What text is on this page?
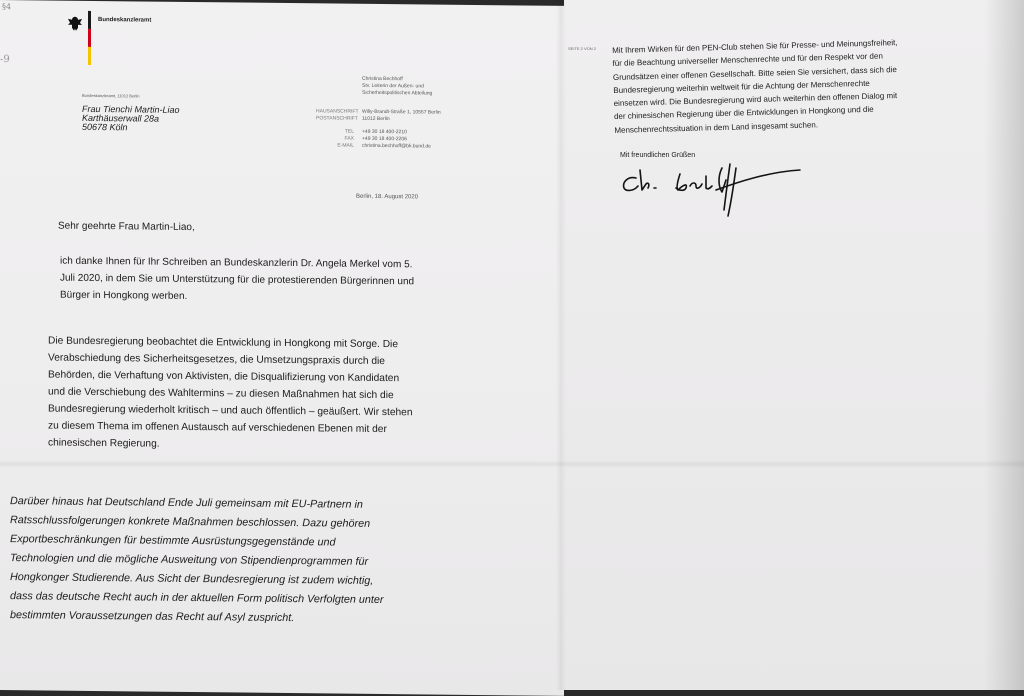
§4
-9
Bundeskanzleramt
Bundeskanzleramt, 11012 Berlin
Frau Tienchi Martin-Liao
Karthäuserwall 28a
50678 Köln
Christina Bechhoff
Stv. Leiterin der Außen- und
Sicherheitspolitischen Abteilung
HAUSANSCHRIFT Willy-Brandt-Straße 1, 10557 Berlin
POSTANSCHRIFT 11012 Berlin
TEL +49 30 18 400-2210
FAX +49 30 18 400-2206
E-MAIL christina.bechhoff@bk.bund.de
Berlin, 18. August 2020
Sehr geehrte Frau Martin-Liao,
ich danke Ihnen für Ihr Schreiben an Bundeskanzlerin Dr. Angela Merkel vom 5.
Juli 2020, in dem Sie um Unterstützung für die protestierenden Bürgerinnen und
Bürger in Hongkong werben.
Die Bundesregierung beobachtet die Entwicklung in Hongkong mit Sorge. Die
Verabschiedung des Sicherheitsgesetzes, die Umsetzungspraxis durch die
Behörden, die Verhaftung von Aktivisten, die Disqualifizierung von Kandidaten
und die Verschiebung des Wahltermins – zu diesen Maßnahmen hat sich die
Bundesregierung wiederholt kritisch – und auch öffentlich – geäußert. Wir stehen
zu diesem Thema im offenen Austausch auf verschiedenen Ebenen mit der
chinesischen Regierung.
Darüber hinaus hat Deutschland Ende Juli gemeinsam mit EU-Partnern in
Ratsschlussfolgerungen konkrete Maßnahmen beschlossen. Dazu gehören
Exportbeschränkungen für bestimmte Ausrüstungsgegenstände und
Technologien und die mögliche Ausweitung von Stipendienprogrammen für
Hongkonger Studierende. Aus Sicht der Bundesregierung ist zudem wichtig,
dass das deutsche Recht auch in der aktuellen Form politisch Verfolgten unter
bestimmten Voraussetzungen das Recht auf Asyl zuspricht.
SEITE 2 VON 2 Mit Ihrem Wirken für den PEN-Club stehen Sie für Presse- und Meinungsfreiheit,
für die Beachtung universeller Menschenrechte und für den Respekt vor den
Grundsätzen einer offenen Gesellschaft. Bitte seien Sie versichert, dass sich die
Bundesregierung weiterhin weltweit für die Achtung der Menschenrechte
einsetzen wird. Die Bundesregierung wird auch weiterhin den offenen Dialog mit
der chinesischen Regierung über die Entwicklungen in Hongkong und die
Menschenrechtssituation in dem Land insgesamt suchen.
Mit freundlichen Grüßen
